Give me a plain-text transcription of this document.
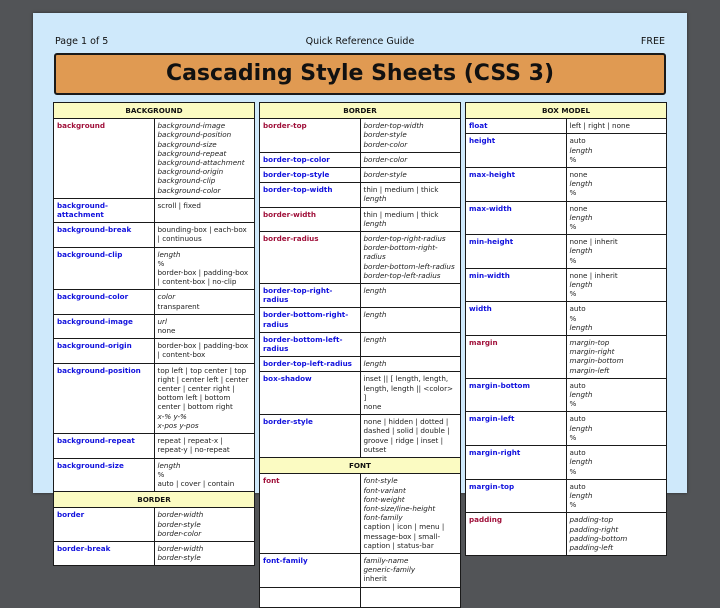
Page 1 of 5	Quick Reference Guide	FREE
Cascading Style Sheets (CSS 3)
BACKGROUND	
background	background-image
background-position
background-size
background-repeat
background-attachment
background-origin
background-clip
background-color

background-attachment	scroll | fixed

background-break	bounding-box | each-box | continuous

background-clip	length
%
border-box | padding-box | content-box | no-clip

background-color	color
transparent

background-image	url
none

background-origin	border-box | padding-box | content-box

background-position	top left | top center | top right | center left | center center | center right | bottom left | bottom center | bottom right
x-% y-%
x-pos y-pos

background-repeat	repeat | repeat-x | repeat-y | no-repeat

background-size	length
%
auto | cover | contain

BORDER	
border	border-width
border-style
border-color

border-break	border-width
border-style
BORDER	
border-top	border-top-width
border-style
border-color

border-top-color	border-color

border-top-style	border-style

border-top-width	thin | medium | thick
length

border-width	thin | medium | thick
length

border-radius	border-top-right-radius
border-bottom-right-radius
border-bottom-left-radius
border-top-left-radius

border-top-right-radius	length

border-bottom-right-radius	length

border-bottom-left-radius	length

border-top-left-radius	length

box-shadow	inset || [ length, length, length, length || <color> ]
none

border-style	none | hidden | dotted | dashed | solid | double | groove | ridge | inset | outset

FONT	
font	font-style
font-variant
font-weight
font-size/line-height
font-family
caption | icon | menu | message-box | small-caption | status-bar

font-family	family-name
generic-family
inherit

BOX MODEL	
float	left | right | none

height	auto
length
%

max-height	none
length
%

max-width	none
length
%

min-height	none | inherit
length
%

min-width	none | inherit
length
%

width	auto
%
length

margin	margin-top
margin-right
margin-bottom
margin-left

margin-bottom	auto
length
%

margin-left	auto
length
%

margin-right	auto
length
%

margin-top	auto
length
%

padding	padding-top
padding-right
padding-bottom
padding-left
